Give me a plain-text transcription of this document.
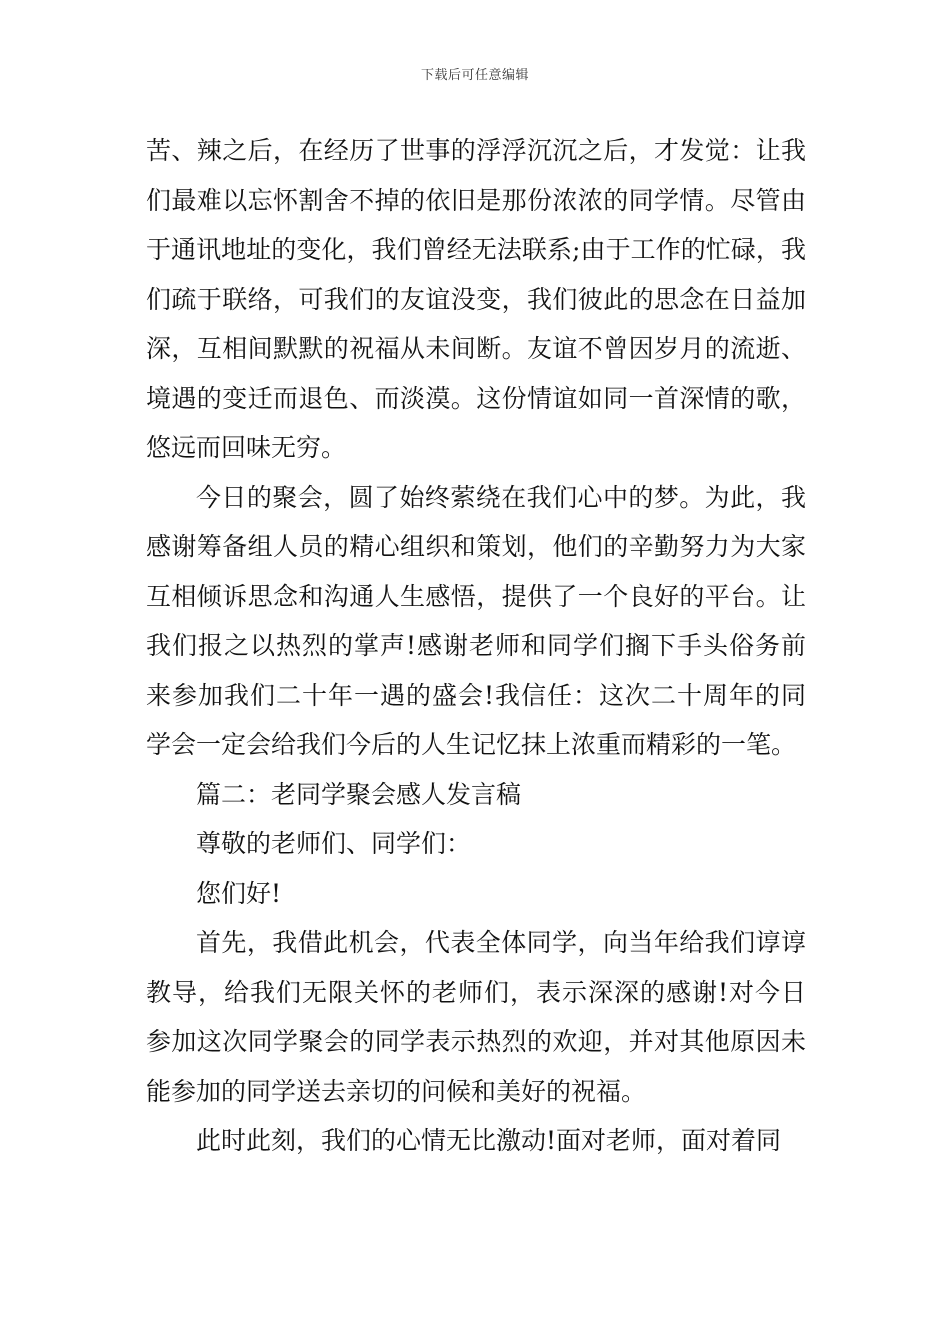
下载后可任意编辑

苦、辣之后，在经历了世事的浮浮沉沉之后，才发觉：让我们最难以忘怀割舍不掉的依旧是那份浓浓的同学情。尽管由于通讯地址的变化，我们曾经无法联系;由于工作的忙碌，我们疏于联络，可我们的友谊没变，我们彼此的思念在日益加深，互相间默默的祝福从未间断。友谊不曾因岁月的流逝、境遇的变迁而退色、而淡漠。这份情谊如同一首深情的歌，悠远而回味无穷。

今日的聚会，圆了始终萦绕在我们心中的梦。为此，我感谢筹备组人员的精心组织和策划，他们的辛勤努力为大家互相倾诉思念和沟通人生感悟，提供了一个良好的平台。让我们报之以热烈的掌声!感谢老师和同学们搁下手头俗务前来参加我们二十年一遇的盛会!我信任：这次二十周年的同学会一定会给我们今后的人生记忆抹上浓重而精彩的一笔。

篇二：老同学聚会感人发言稿

尊敬的老师们、同学们：

您们好!

首先，我借此机会，代表全体同学，向当年给我们谆谆教导，给我们无限关怀的老师们，表示深深的感谢!对今日参加这次同学聚会的同学表示热烈的欢迎，并对其他原因未能参加的同学送去亲切的问候和美好的祝福。

此时此刻，我们的心情无比激动!面对老师，面对着同
